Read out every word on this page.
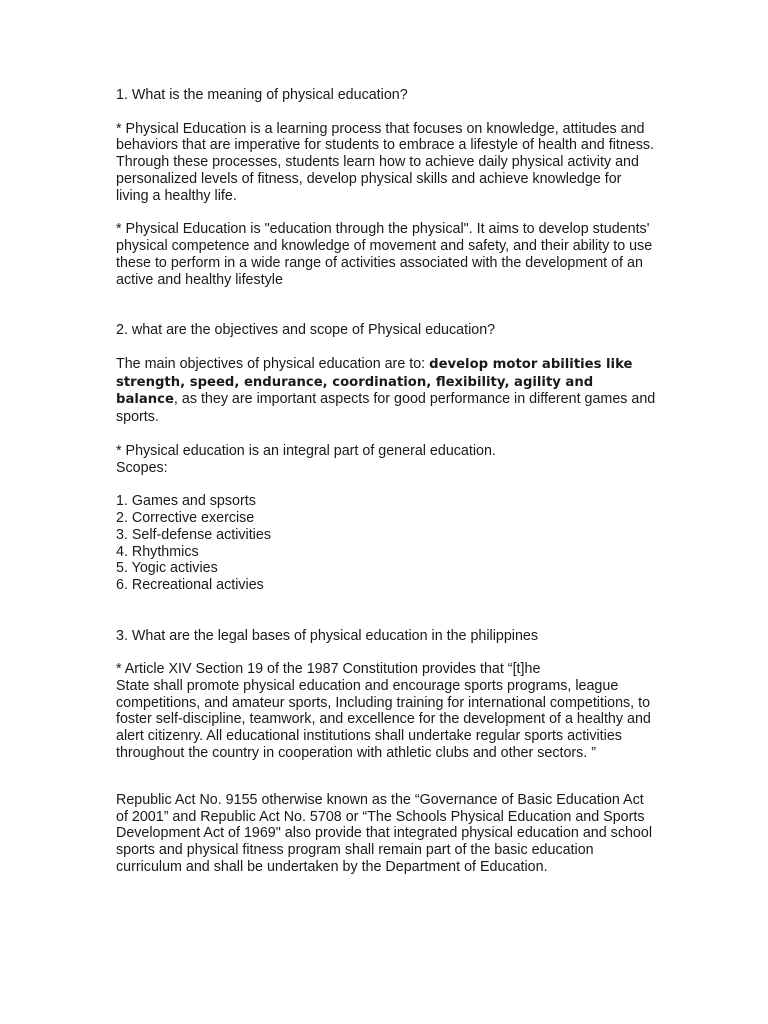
1. What is the meaning of physical education?

* Physical Education is a learning process that focuses on knowledge, attitudes and behaviors that are imperative for students to embrace a lifestyle of health and fitness. Through these processes, students learn how to achieve daily physical activity and personalized levels of fitness, develop physical skills and achieve knowledge for living a healthy life.

* Physical Education is "education through the physical". It aims to develop students' physical competence and knowledge of movement and safety, and their ability to use these to perform in a wide range of activities associated with the development of an active and healthy lifestyle

2. what are the objectives and scope of Physical education?

The main objectives of physical education are to: develop motor abilities like strength, speed, endurance, coordination, flexibility, agility and balance, as they are important aspects for good performance in different games and sports.

* Physical education is an integral part of general education.

Scopes:

1. Games and spsorts
2. Corrective exercise
3. Self-defense activities
4. Rhythmics
5. Yogic activies
6. Recreational activies

3. What are the legal bases of physical education in the philippines

* Article XIV Section 19 of the 1987 Constitution provides that “[t]he
State shall promote physical education and encourage sports programs, league competitions, and amateur sports, Including training for international competitions, to foster self-discipline, teamwork, and excellence for the development of a healthy and alert citizenry. All educational institutions shall undertake regular sports activities throughout the country in cooperation with athletic clubs and other sectors. ”

Republic Act No. 9155 otherwise known as the “Governance of Basic Education Act of 2001” and Republic Act No. 5708 or “The Schools Physical Education and Sports Development Act of 1969" also provide that integrated physical education and school sports and physical fitness program shall remain part of the basic education curriculum and shall be undertaken by the Department of Education.
